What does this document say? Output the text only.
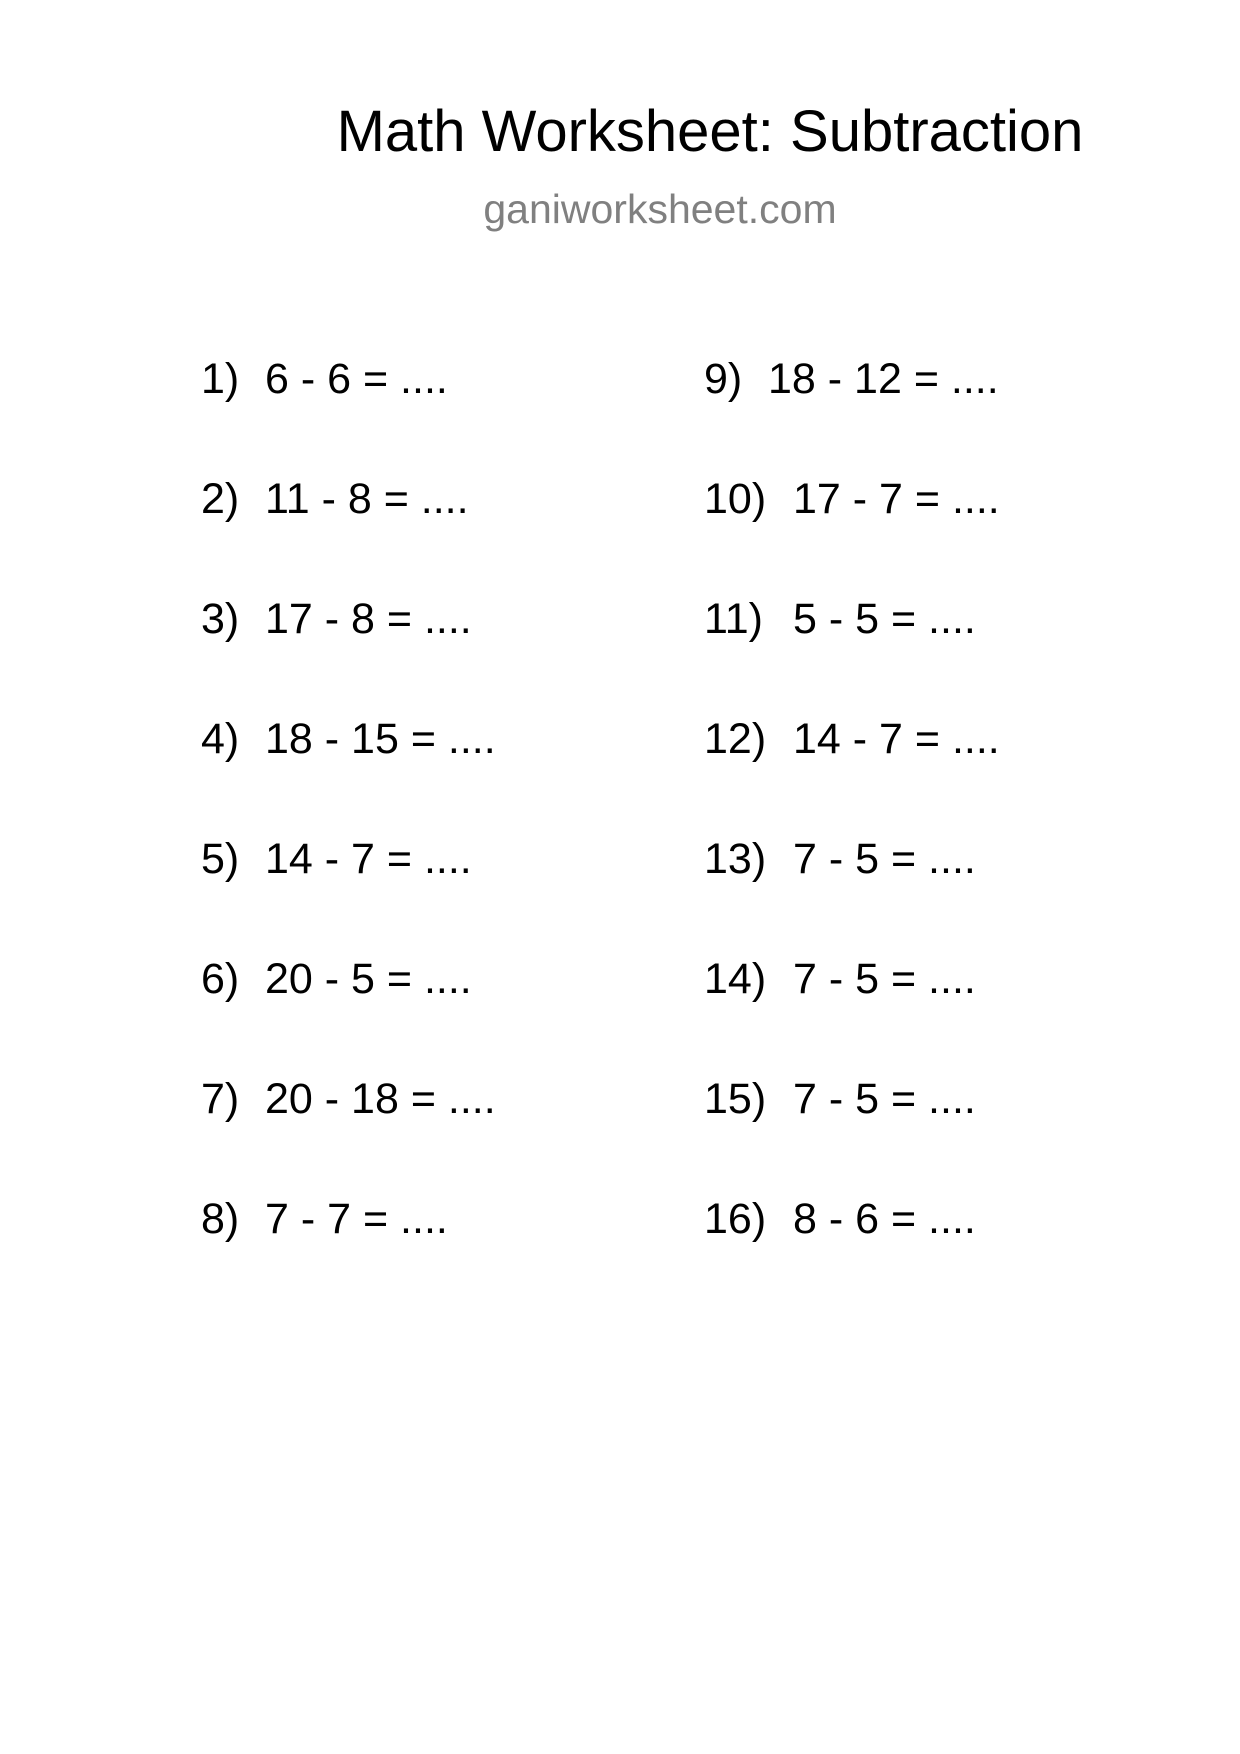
Math Worksheet: Subtraction
ganiworksheet.com
1) 6 - 6 = ....
2) 11 - 8 = ....
3) 17 - 8 = ....
4) 18 - 15 = ....
5) 14 - 7 = ....
6) 20 - 5 = ....
7) 20 - 18 = ....
8) 7 - 7 = ....
9) 18 - 12 = ....
10) 17 - 7 = ....
11) 5 - 5 = ....
12) 14 - 7 = ....
13) 7 - 5 = ....
14) 7 - 5 = ....
15) 7 - 5 = ....
16) 8 - 6 = ....
